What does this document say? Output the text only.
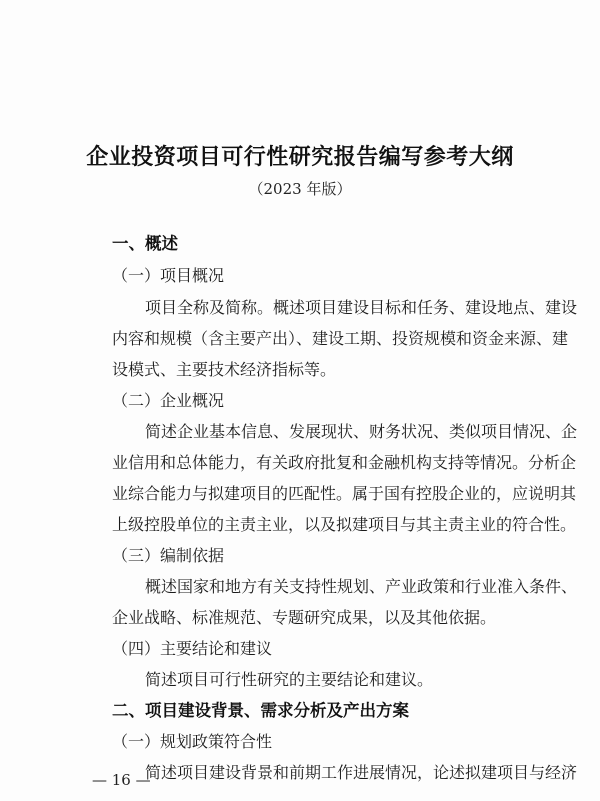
企业投资项目可行性研究报告编写参考大纲
（2023 年版）
一、概述
（一）项目概况
项目全称及简称。概述项目建设目标和任务、建设地点、建设
内容和规模（含主要产出）、建设工期、投资规模和资金来源、建
设模式、主要技术经济指标等。
（二）企业概况
简述企业基本信息、发展现状、财务状况、类似项目情况、企
业信用和总体能力，有关政府批复和金融机构支持等情况。分析企
业综合能力与拟建项目的匹配性。属于国有控股企业的，应说明其
上级控股单位的主责主业，以及拟建项目与其主责主业的符合性。
（三）编制依据
概述国家和地方有关支持性规划、产业政策和行业准入条件、
企业战略、标准规范、专题研究成果，以及其他依据。
（四）主要结论和建议
简述项目可行性研究的主要结论和建议。
二、项目建设背景、需求分析及产出方案
（一）规划政策符合性
简述项目建设背景和前期工作进展情况，论述拟建项目与经济
— 16 —
